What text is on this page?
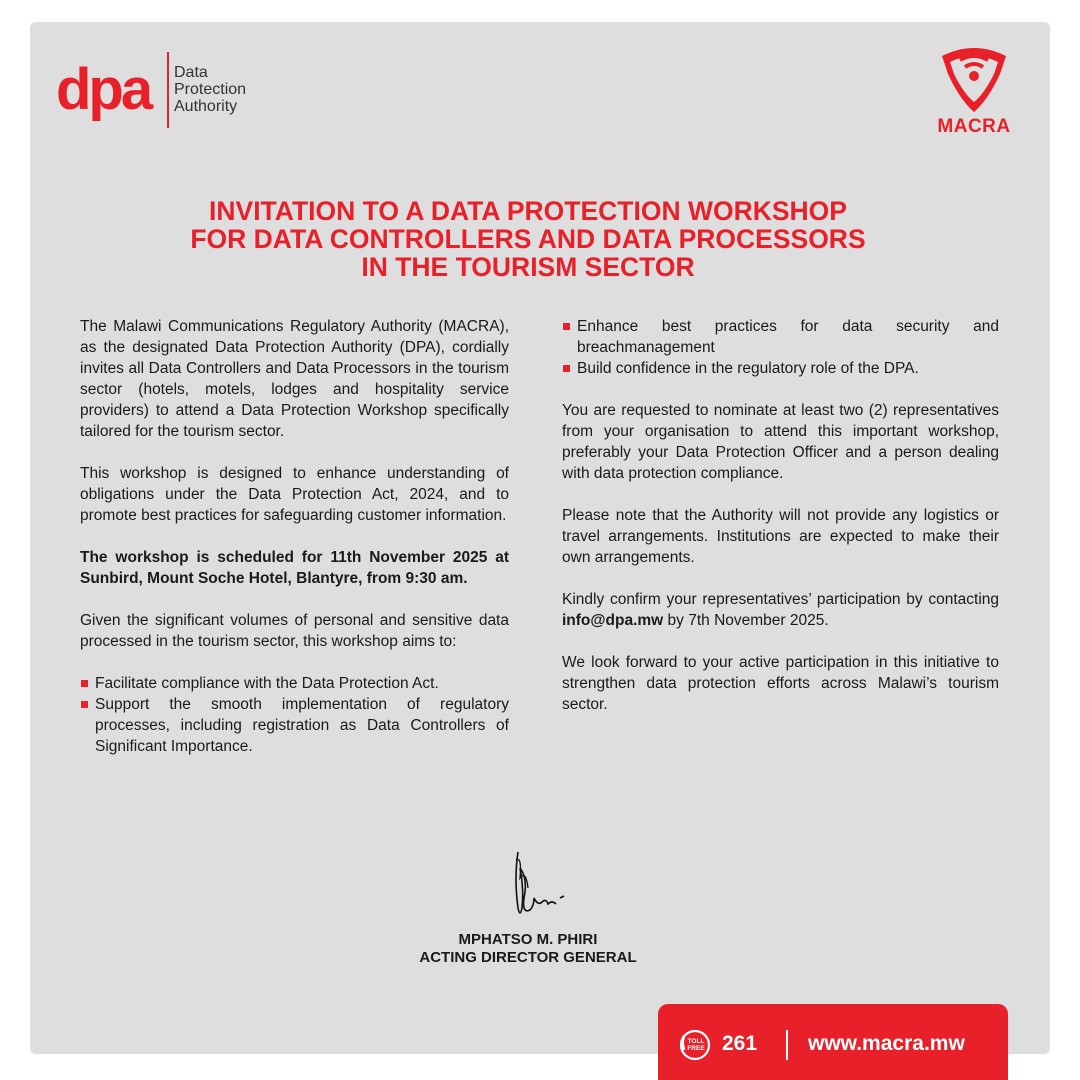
dpa Data
Protection
Authority
MACRA
INVITATION TO A DATA PROTECTION WORKSHOP
FOR DATA CONTROLLERS AND DATA PROCESSORS
IN THE TOURISM SECTOR

The Malawi Communications Regulatory Authority (MACRA), as the designated Data Protection Authority (DPA), cordially invites all Data Controllers and Data Processors in the tourism sector (hotels, motels, lodges and hospitality service providers) to attend a Data Protection Workshop specifically tailored for the tourism sector.

This workshop is designed to enhance understanding of obligations under the Data Protection Act, 2024, and to promote best practices for safeguarding customer information.

The workshop is scheduled for 11th November 2025 at Sunbird, Mount Soche Hotel, Blantyre, from 9:30 am.

Given the significant volumes of personal and sensitive data processed in the tourism sector, this workshop aims to:

Facilitate compliance with the Data Protection Act.
Support the smooth implementation of regulatory processes, including registration as Data Controllers of Significant Importance.
Enhance best practices for data security and breachmanagement
Build confidence in the regulatory role of the DPA.

You are requested to nominate at least two (2) representatives from your organisation to attend this important workshop, preferably your Data Protection Officer and a person dealing with data protection compliance.

Please note that the Authority will not provide any logistics or travel arrangements. Institutions are expected to make their own arrangements.

Kindly confirm your representatives’ participation by contacting info@dpa.mw by 7th November 2025.

We look forward to your active participation in this initiative to strengthen data protection efforts across Malawi’s tourism sector.

MPHATSO M. PHIRI
ACTING DIRECTOR GENERAL
TOLL
FREE 261 www.macra.mw
